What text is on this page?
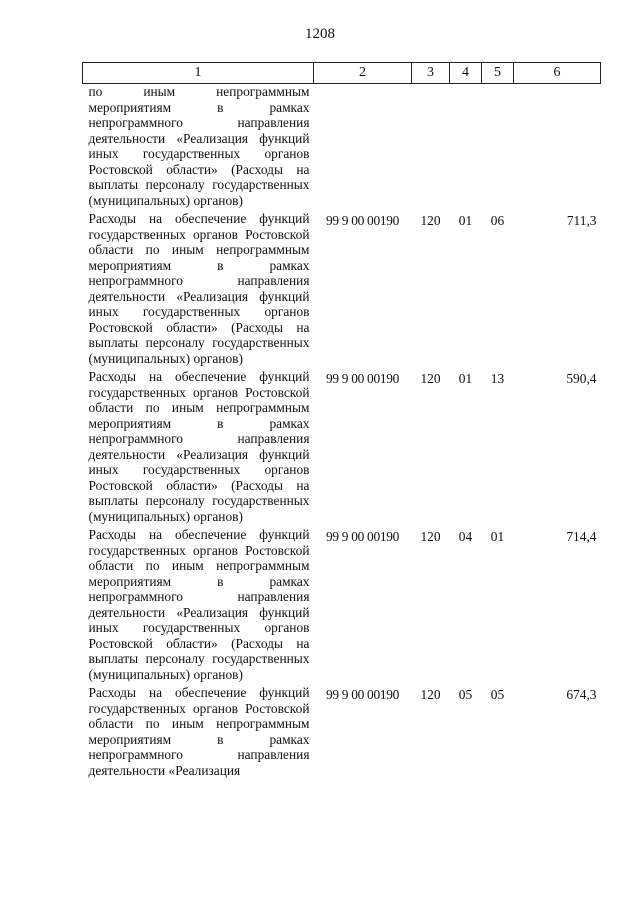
1208
1	2	3	4	5	6

по иным непрограммным мероприятиям в рамках непрограммного направления деятельности «Реализация функций иных государственных органов Ростовской области» (Расходы на выплаты персоналу государственных (муниципальных) органов)					

Расходы на обеспечение функций государственных органов Ростовской области по иным непрограммным мероприятиям в рамках непрограммного направления деятельности «Реализация функций иных государственных органов Ростовской области» (Расходы на выплаты персоналу государственных (муниципальных) органов)	99 9 00 00190	120	01	06	711,3

Расходы на обеспечение функций государственных органов Ростовской области по иным непрограммным мероприятиям в рамках непрограммного направления деятельности «Реализация функций иных государственных органов Ростовской области» (Расходы на выплаты персоналу государственных (муниципальных) органов)	99 9 00 00190	120	01	13	590,4

Расходы на обеспечение функций государственных органов Ростовской области по иным непрограммным мероприятиям в рамках непрограммного направления деятельности «Реализация функций иных государственных органов Ростовской области» (Расходы на выплаты персоналу государственных (муниципальных) органов)	99 9 00 00190	120	04	01	714,4

Расходы на обеспечение функций государственных органов Ростовской области по иным непрограммным мероприятиям в рамках непрограммного направления деятельности «Реализация	99 9 00 00190	120	05	05	674,3
